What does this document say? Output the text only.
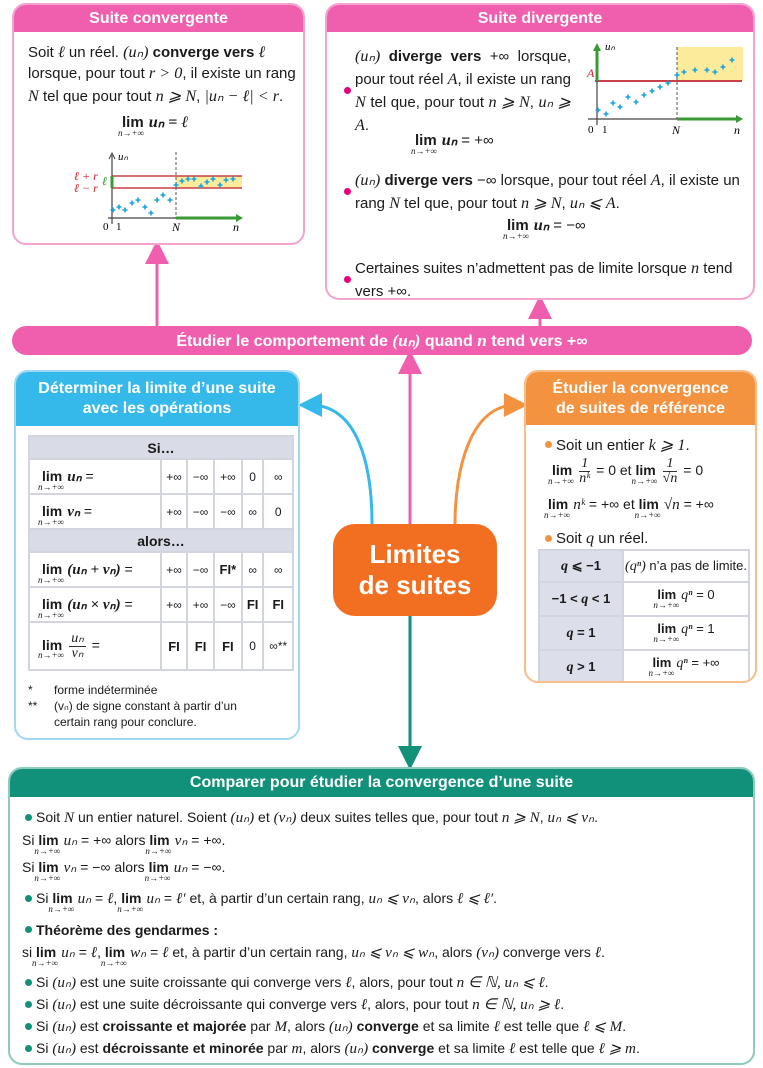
Suite convergente
Soit ℓ un réel. (uₙ) converge vers ℓ
lorsque, pour tout r > 0, il existe un rang
N tel que pour tout n ⩾ N, |uₙ − ℓ| < r.
lim
n→+∞
uₙ = ℓ
uₙ
ℓ + r
ℓ − r ℓ
0 1	N	n
Suite divergente
(uₙ) diverge vers +∞ lorsque, pour tout réel A, il existe un rang N tel que, pour tout n ⩾ N, uₙ ⩾ A.
lim
n→+∞
uₙ = +∞
(uₙ) diverge vers −∞ lorsque, pour tout réel A, il existe un rang N tel que, pour tout n ⩾ N, uₙ ⩽ A.
lim
n→+∞
uₙ = −∞
Certaines suites n’admettent pas de limite lorsque n tend vers +∞.
uₙ
A
0 1	N	n
Étudier le comportement de (uₙ) quand n tend vers +∞
Déterminer la limite d’une suite
avec les opérations
Si…					
lim
n→+∞
uₙ =	+∞	−∞	+∞	0	∞
lim
n→+∞
vₙ =	+∞	−∞	−∞	∞	0
alors…					
lim
n→+∞
(uₙ + vₙ) =	+∞	−∞	FI*	∞	∞
lim
n→+∞
(uₙ × vₙ) =	+∞	+∞	−∞	FI	FI
lim
$n\to+\infty \frac{\text{uₙ}}{\text{vₙ}}$ =	FI	FI	FI	0	∞**
*	forme indéterminée
**	(vₙ) de signe constant à partir d’un certain rang pour conclure.
Étudier la convergence
de suites de référence
Soit un entier k ⩾ 1.
lim
$n\to+\infty \frac{1}{\text{nᵏ}} = 0$ et lim
$n\to+\infty \frac{1}{√n} = 0$
lim
n→+∞
nᵏ = +∞ et lim
n→+∞
√n = +∞
Soit q un réel.
q ⩽ −1	(qⁿ) n’a pas de limite.
−1 < q < 1	lim
n→+∞
qⁿ = 0
q = 1	lim
n→+∞
qⁿ = 1
q > 1	lim
n→+∞
qⁿ = +∞
Limites
de suites
Comparer pour étudier la convergence d’une suite
Soit N un entier naturel. Soient (uₙ) et (vₙ) deux suites telles que, pour tout n ⩾ N, uₙ ⩽ vₙ.
Si lim
n→+∞
uₙ = +∞ alors lim
n→+∞
vₙ = +∞.
Si lim
n→+∞
vₙ = −∞ alors lim
n→+∞
uₙ = −∞.
Si lim
n→+∞
uₙ = ℓ, lim
n→+∞
uₙ = ℓ′ et, à partir d’un certain rang, uₙ ⩽ vₙ, alors ℓ ⩽ ℓ′.
Théorème des gendarmes :
si lim
n→+∞
uₙ = ℓ, lim
n→+∞
wₙ = ℓ et, à partir d’un certain rang, uₙ ⩽ vₙ ⩽ wₙ, alors (vₙ) converge vers ℓ.
Si (uₙ) est une suite croissante qui converge vers ℓ, alors, pour tout n ∈ ℕ, uₙ ⩽ ℓ.
Si (uₙ) est une suite décroissante qui converge vers ℓ, alors, pour tout n ∈ ℕ, uₙ ⩾ ℓ.
Si (uₙ) est croissante et majorée par M, alors (uₙ) converge et sa limite ℓ est telle que ℓ ⩽ M.
Si (uₙ) est décroissante et minorée par m, alors (uₙ) converge et sa limite ℓ est telle que ℓ ⩾ m.
